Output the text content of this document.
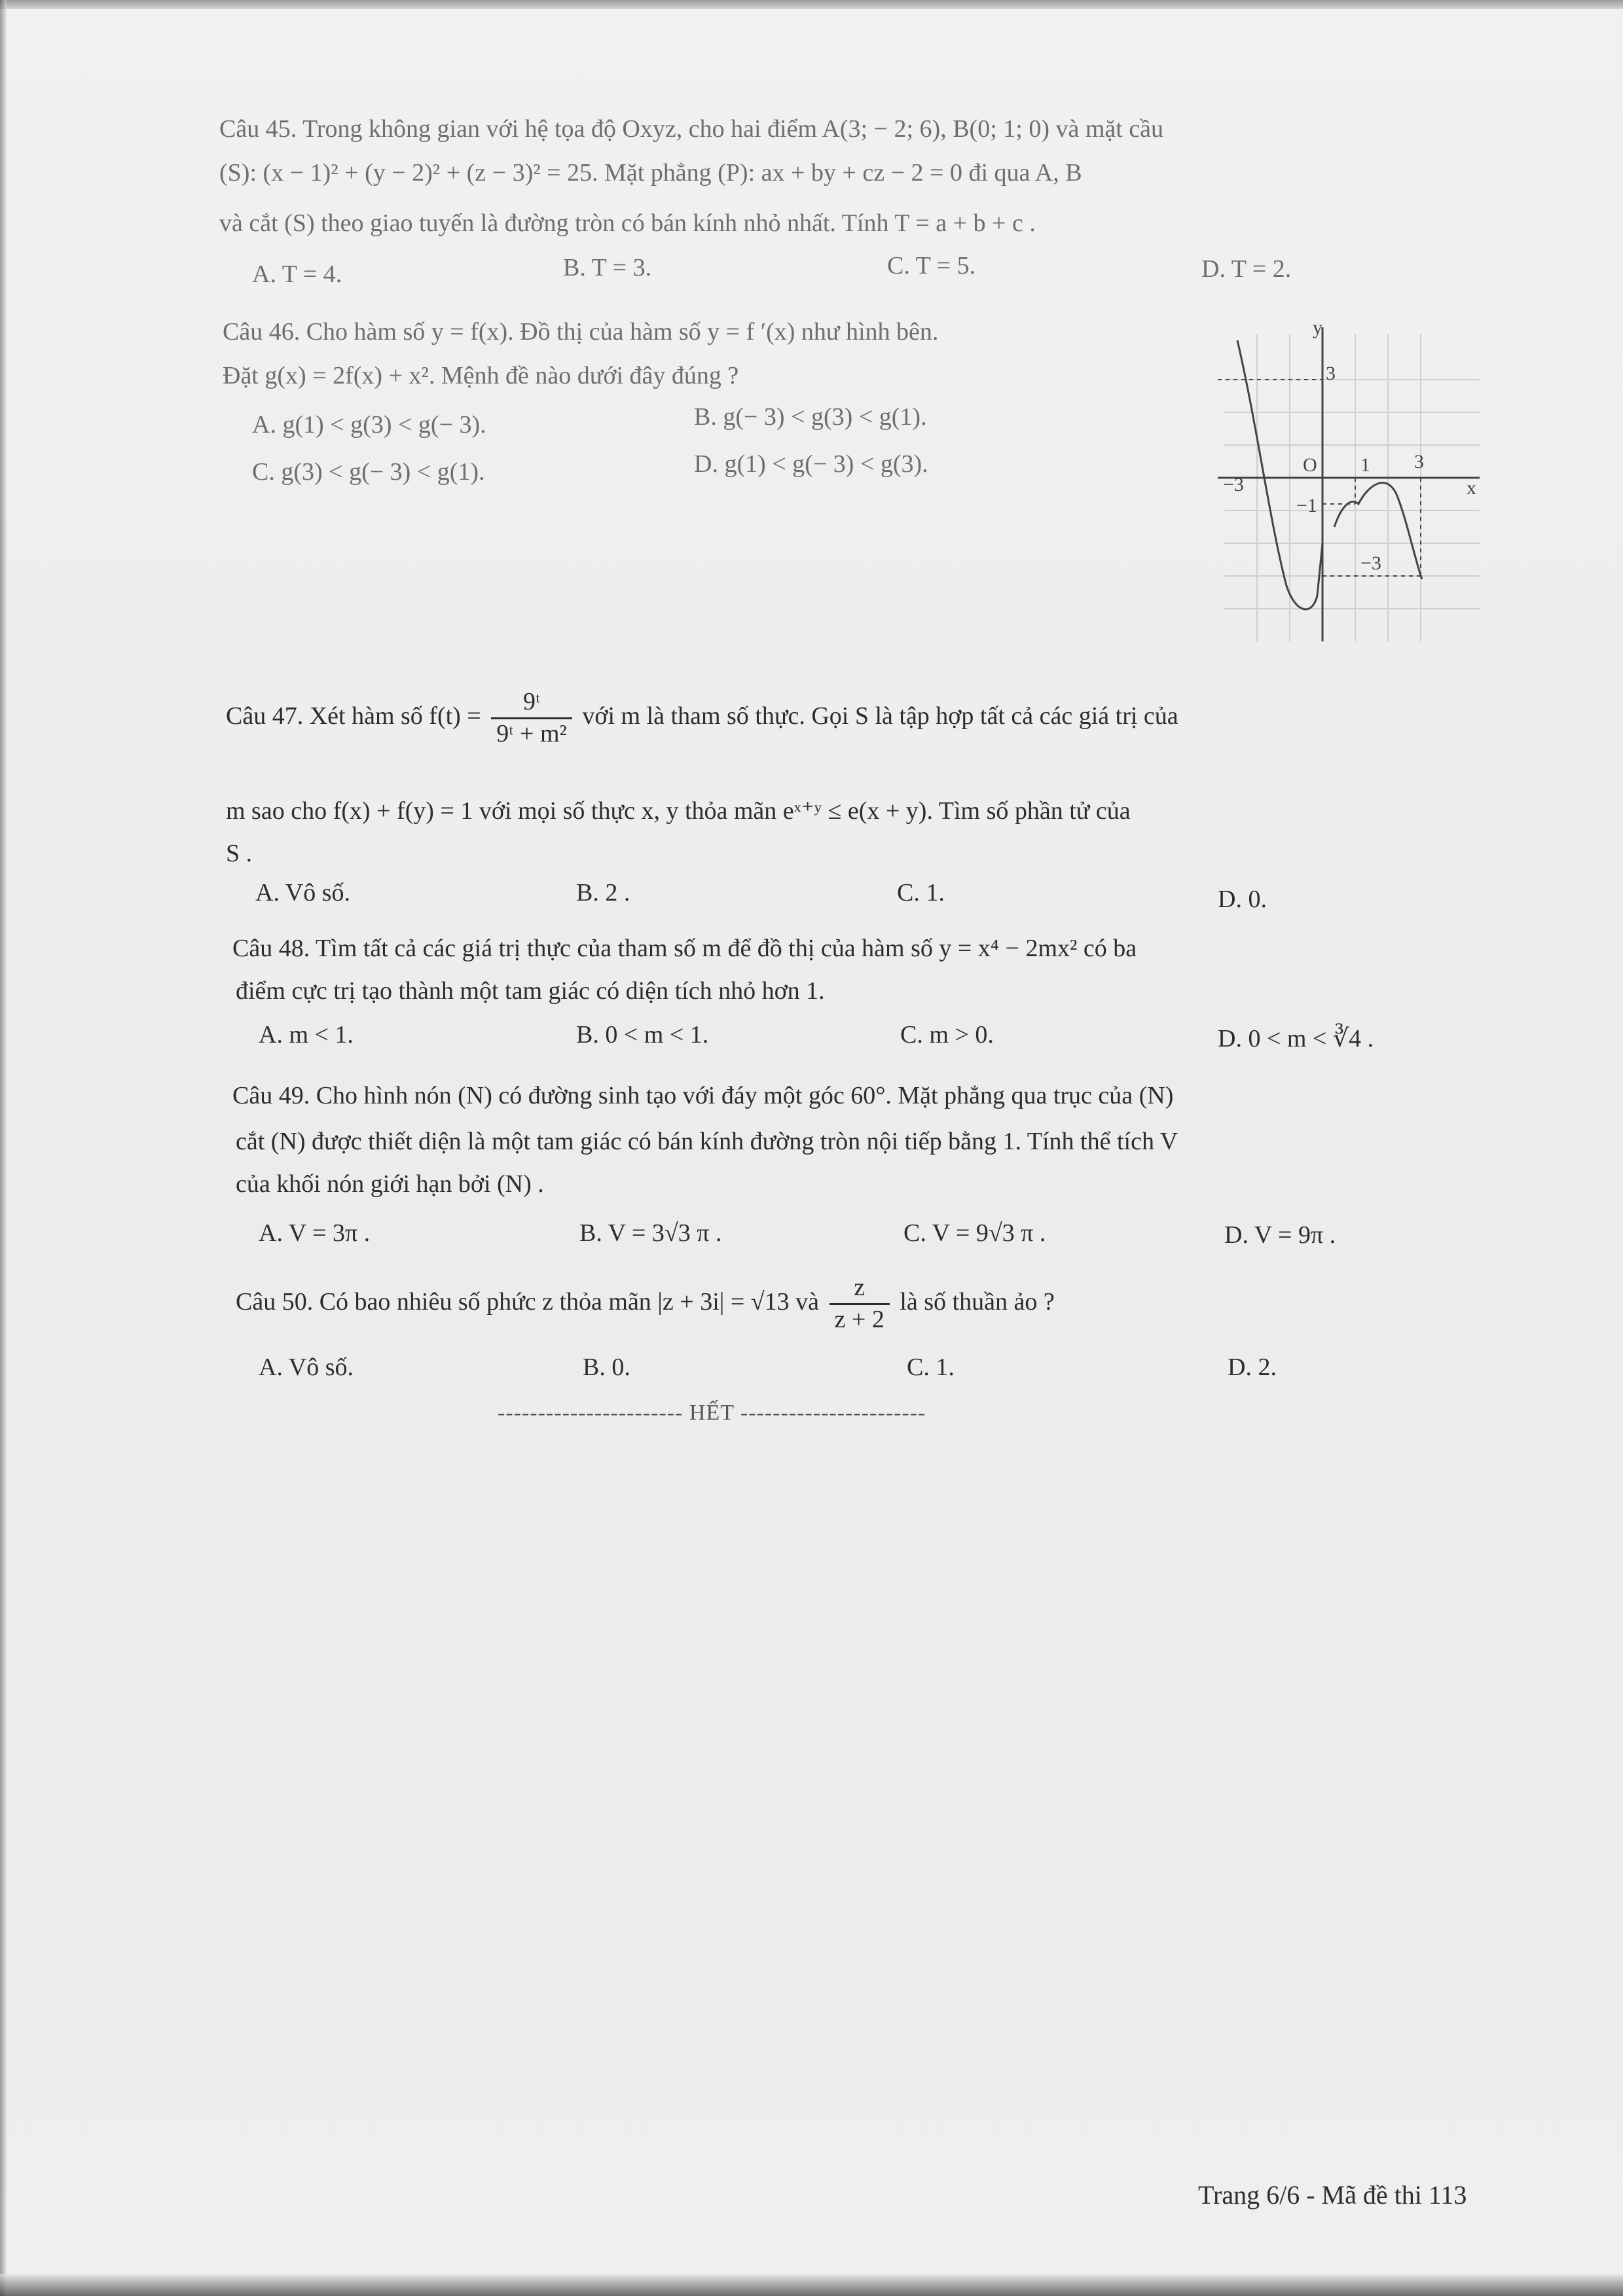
Câu 45. Trong không gian với hệ tọa độ Oxyz, cho hai điểm A(3; − 2; 6), B(0; 1; 0) và mặt cầu
(S): (x − 1)² + (y − 2)² + (z − 3)² = 25. Mặt phẳng (P): ax + by + cz − 2 = 0 đi qua A, B
và cắt (S) theo giao tuyến là đường tròn có bán kính nhỏ nhất. Tính T = a + b + c .
A. T = 4.	B. T = 3.	C. T = 5.	D. T = 2.
Câu 46. Cho hàm số y = f(x). Đồ thị của hàm số y = f ′(x) như hình bên.
Đặt g(x) = 2f(x) + x². Mệnh đề nào dưới đây đúng ?
A. g(1) < g(3) < g(− 3).	B. g(− 3) < g(3) < g(1).
C. g(3) < g(− 3) < g(1).	D. g(1) < g(− 3) < g(3).
y
x
O
3
1 3
−3
−1
−3
Câu 47. Xét hàm số $f(t) = \frac{\text{9ᵗ}}{\text{9ᵗ + m²}}$ với m là tham số thực. Gọi S là tập hợp tất cả các giá trị của
m sao cho f(x) + f(y) = 1 với mọi số thực x, y thỏa mãn eˣ⁺ʸ ≤ e(x + y). Tìm số phần tử của
S .
A. Vô số.	B. 2 .	C. 1.	D. 0.
Câu 48. Tìm tất cả các giá trị thực của tham số m để đồ thị của hàm số y = x⁴ − 2mx² có ba
điểm cực trị tạo thành một tam giác có diện tích nhỏ hơn 1.
A. m < 1.	B. 0 < m < 1.	C. m > 0.	D. 0 < m < ∛4 .
Câu 49. Cho hình nón (N) có đường sinh tạo với đáy một góc 60°. Mặt phẳng qua trục của (N)
cắt (N) được thiết diện là một tam giác có bán kính đường tròn nội tiếp bằng 1. Tính thể tích V
của khối nón giới hạn bởi (N) .
A. V = 3π .	B. V = 3√3 π .	C. V = 9√3 π .	D. V = 9π .
Câu 50. Có bao nhiêu số phức z thỏa mãn |z + 3i| = √13 và $\frac{z}{z + 2}$ là số thuần ảo ?
A. Vô số.	B. 0.	C. 1.	D. 2.
----------------------- HẾT -----------------------
Trang 6/6 - Mã đề thi 113
